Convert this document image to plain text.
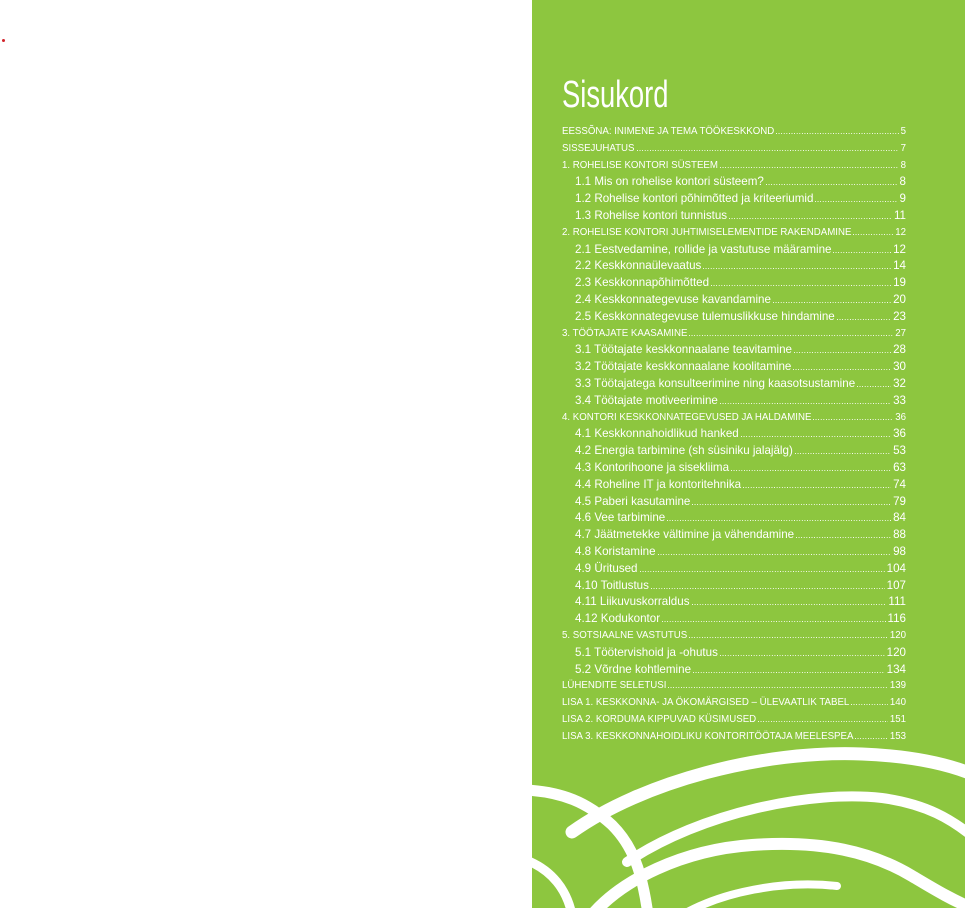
Sisukord
EESSÕNA: INIMENE JA TEMA TÖÖKESKKOND	5
SISSEJUHATUS	7
1. ROHELISE KONTORI SÜSTEEM	8
1.1 Mis on rohelise kontori süsteem?	8
1.2 Rohelise kontori põhimõtted ja kriteeriumid	9
1.3 Rohelise kontori tunnistus	11
2. ROHELISE KONTORI JUHTIMISELEMENTIDE RAKENDAMINE	12
2.1 Eestvedamine, rollide ja vastutuse määramine	12
2.2 Keskkonnaülevaatus	14
2.3 Keskkonnapõhimõtted	19
2.4 Keskkonnategevuse kavandamine	20
2.5 Keskkonnategevuse tulemuslikkuse hindamine	23
3. TÖÖTAJATE KAASAMINE	27
3.1 Töötajate keskkonnaalane teavitamine	28
3.2 Töötajate keskkonnaalane koolitamine	30
3.3 Töötajatega konsulteerimine ning kaasotsustamine	32
3.4 Töötajate motiveerimine	33
4. KONTORI KESKKONNATEGEVUSED JA HALDAMINE	36
4.1 Keskkonnahoidlikud hanked	36
4.2 Energia tarbimine (sh süsiniku jalajälg)	53
4.3 Kontorihoone ja sisekliima	63
4.4 Roheline IT ja kontoritehnika	74
4.5 Paberi kasutamine	79
4.6 Vee tarbimine	84
4.7 Jäätmetekke vältimine ja vähendamine	88
4.8 Koristamine	98
4.9 Üritused	104
4.10 Toitlustus	107
4.11 Liikuvuskorraldus	111
4.12 Kodukontor	116
5. SOTSIAALNE VASTUTUS	120
5.1 Töötervishoid ja -ohutus	120
5.2 Võrdne kohtlemine	134
LÜHENDITE SELETUSI	139
LISA 1. KESKKONNA- JA ÖKOMÄRGISED – ÜLEVAATLIK TABEL	140
LISA 2. KORDUMA KIPPUVAD KÜSIMUSED	151
LISA 3. KESKKONNAHOIDLIKU KONTORITÖÖTAJA MEELESPEA	153
